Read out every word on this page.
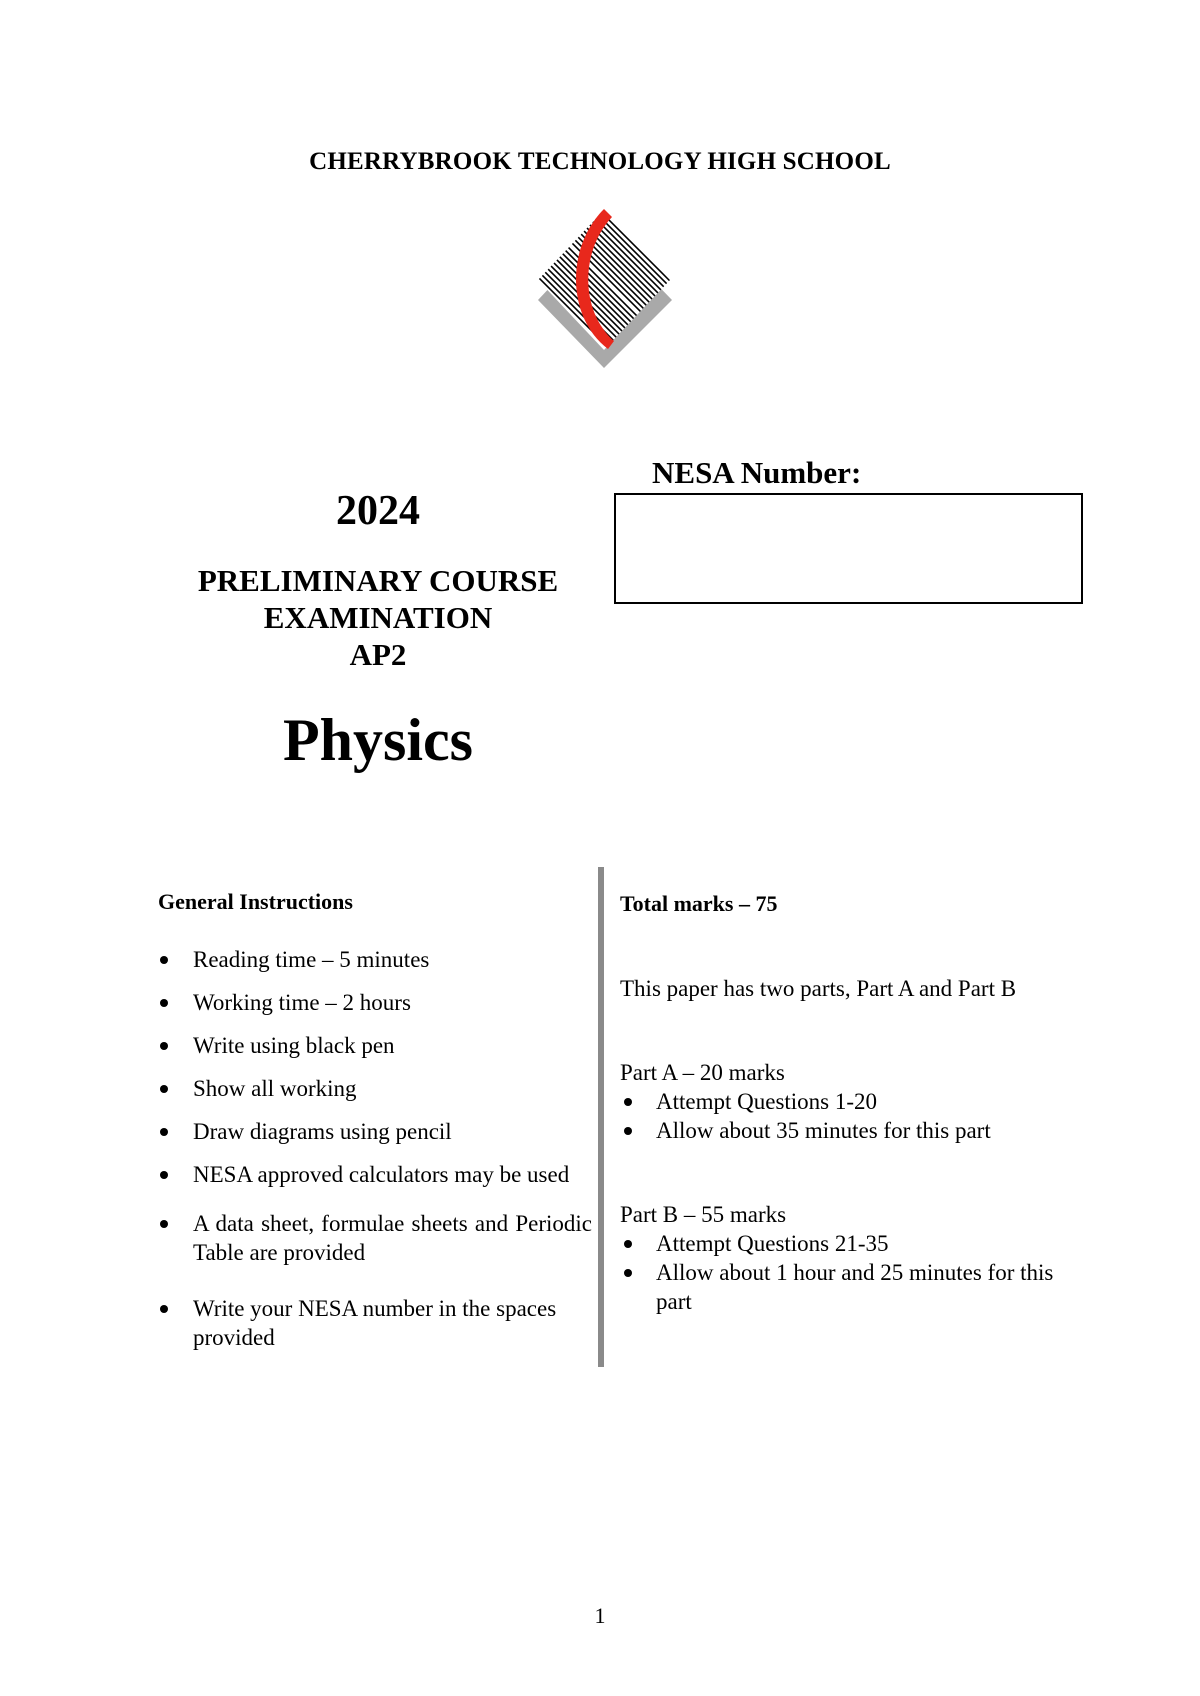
CHERRYBROOK TECHNOLOGY HIGH SCHOOL
NESA Number:
2024
PRELIMINARY COURSE
EXAMINATION
AP2
Physics
General Instructions
Reading time – 5 minutes
Working time – 2 hours
Write using black pen
Show all working
Draw diagrams using pencil
NESA approved calculators may be used
A data sheet, formulae sheets and Periodic Table are provided
Write your NESA number in the spaces provided
Total marks – 75
This paper has two parts, Part A and Part B
Part A – 20 marks
Attempt Questions 1-20
Allow about 35 minutes for this part
Part B – 55 marks
Attempt Questions 21-35
Allow about 1 hour and 25 minutes for this part
1
